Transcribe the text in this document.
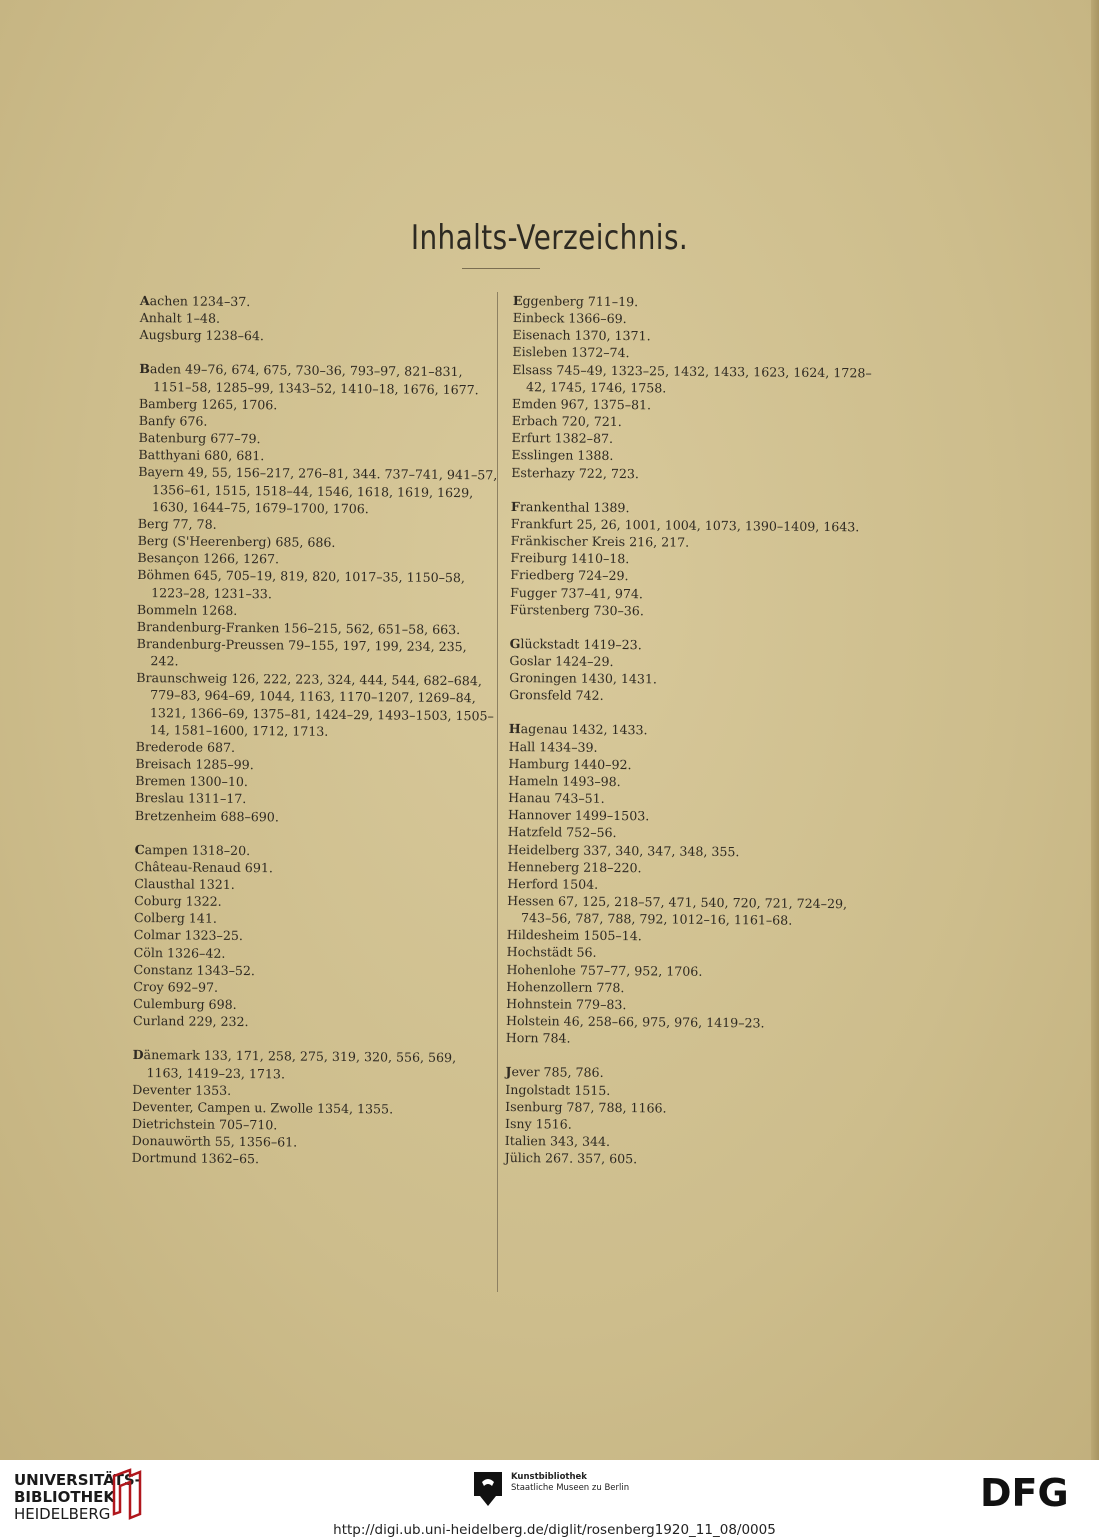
Inhalts-Verzeichnis.

Aachen 1234–37.

Anhalt 1–48.

Augsburg 1238–64.

Baden 49–76, 674, 675, 730–36, 793–97, 821–831, 1151–58, 1285–99, 1343–52, 1410–18, 1676, 1677.

Bamberg 1265, 1706.

Banfy 676.

Batenburg 677–79.

Batthyani 680, 681.

Bayern 49, 55, 156–217, 276–81, 344. 737–741, 941–57, 1356–61, 1515, 1518–44, 1546, 1618, 1619, 1629, 1630, 1644–75, 1679–1700, 1706.

Berg 77, 78.

Berg (S'Heerenberg) 685, 686.

Besançon 1266, 1267.

Böhmen 645, 705–19, 819, 820, 1017–35, 1150–58, 1223–28, 1231–33.

Bommeln 1268.

Brandenburg-Franken 156–215, 562, 651–58, 663.

Brandenburg-Preussen 79–155, 197, 199, 234, 235, 242.

Braunschweig 126, 222, 223, 324, 444, 544, 682–684, 779–83, 964–69, 1044, 1163, 1170–1207, 1269–84, 1321, 1366–69, 1375–81, 1424–29, 1493–1503, 1505–14, 1581–1600, 1712, 1713.

Brederode 687.

Breisach 1285–99.

Bremen 1300–10.

Breslau 1311–17.

Bretzenheim 688–690.

Campen 1318–20.

Château-Renaud 691.

Clausthal 1321.

Coburg 1322.

Colberg 141.

Colmar 1323–25.

Cöln 1326–42.

Constanz 1343–52.

Croy 692–97.

Culemburg 698.

Curland 229, 232.

Dänemark 133, 171, 258, 275, 319, 320, 556, 569, 1163, 1419–23, 1713.

Deventer 1353.

Deventer, Campen u. Zwolle 1354, 1355.

Dietrichstein 705–710.

Donauwörth 55, 1356–61.

Dortmund 1362–65.

Eggenberg 711–19.

Einbeck 1366–69.

Eisenach 1370, 1371.

Eisleben 1372–74.

Elsass 745–49, 1323–25, 1432, 1433, 1623, 1624, 1728–42, 1745, 1746, 1758.

Emden 967, 1375–81.

Erbach 720, 721.

Erfurt 1382–87.

Esslingen 1388.

Esterhazy 722, 723.

Frankenthal 1389.

Frankfurt 25, 26, 1001, 1004, 1073, 1390–1409, 1643.

Fränkischer Kreis 216, 217.

Freiburg 1410–18.

Friedberg 724–29.

Fugger 737–41, 974.

Fürstenberg 730–36.

Glückstadt 1419–23.

Goslar 1424–29.

Groningen 1430, 1431.

Gronsfeld 742.

Hagenau 1432, 1433.

Hall 1434–39.

Hamburg 1440–92.

Hameln 1493–98.

Hanau 743–51.

Hannover 1499–1503.

Hatzfeld 752–56.

Heidelberg 337, 340, 347, 348, 355.

Henneberg 218–220.

Herford 1504.

Hessen 67, 125, 218–57, 471, 540, 720, 721, 724–29, 743–56, 787, 788, 792, 1012–16, 1161–68.

Hildesheim 1505–14.

Hochstädt 56.

Hohenlohe 757–77, 952, 1706.

Hohenzollern 778.

Hohnstein 779–83.

Holstein 46, 258–66, 975, 976, 1419–23.

Horn 784.

Jever 785, 786.

Ingolstadt 1515.

Isenburg 787, 788, 1166.

Isny 1516.

Italien 343, 344.

Jülich 267. 357, 605.

UNIVERSITÄTS-
BIBLIOTHEK
HEIDELBERG
Kunstbibliothek
Staatliche Museen zu Berlin	DFG
http://digi.ub.uni-heidelberg.de/diglit/rosenberg1920_11_08/0005
